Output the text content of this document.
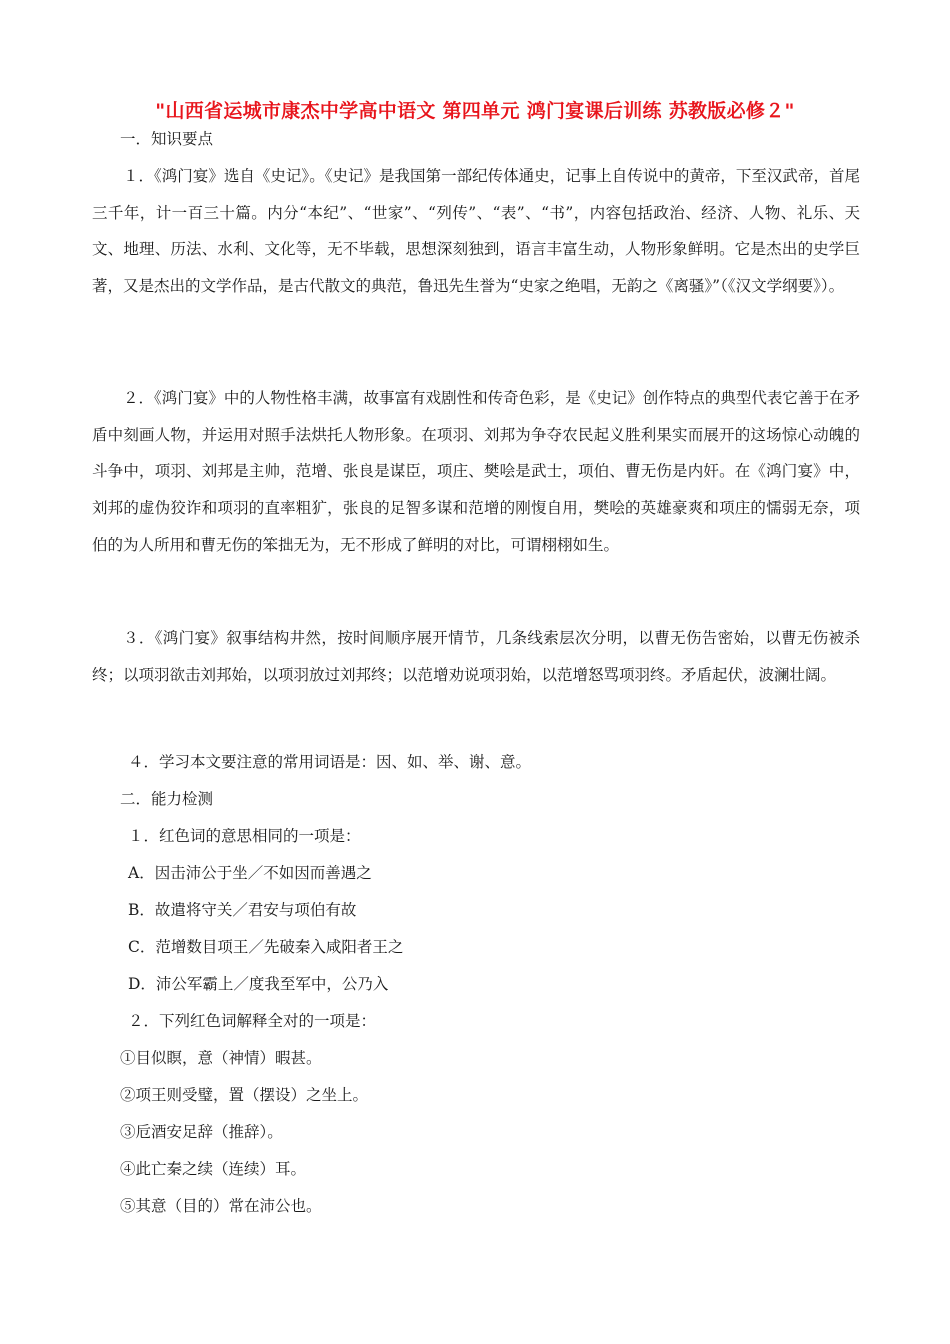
"山西省运城市康杰中学高中语文 第四单元 鸿门宴课后训练 苏教版必修２"
一．知识要点

１．《鸿门宴》选自《史记》。《史记》是我国第一部纪传体通史，记事上自传说中的黄帝，下至汉武帝，首尾三千年，计一百三十篇。内分“本纪”、“世家”、“列传”、“表”、“书”，内容包括政治、经济、人物、礼乐、天文、地理、历法、水利、文化等，无不毕载，思想深刻独到，语言丰富生动，人物形象鲜明。它是杰出的史学巨著，又是杰出的文学作品，是古代散文的典范，鲁迅先生誉为“史家之绝唱，无韵之《离骚》”（《汉文学纲要》）。

２．《鸿门宴》中的人物性格丰满，故事富有戏剧性和传奇色彩，是《史记》创作特点的典型代表它善于在矛盾中刻画人物，并运用对照手法烘托人物形象。在项羽、刘邦为争夺农民起义胜利果实而展开的这场惊心动魄的斗争中，项羽、刘邦是主帅，范增、张良是谋臣，项庄、樊哙是武士，项伯、曹无伤是内奸。在《鸿门宴》中，刘邦的虚伪狡诈和项羽的直率粗犷，张良的足智多谋和范增的刚愎自用，樊哙的英雄豪爽和项庄的懦弱无奈，项伯的为人所用和曹无伤的笨拙无为，无不形成了鲜明的对比，可谓栩栩如生。

３．《鸿门宴》叙事结构井然，按时间顺序展开情节，几条线索层次分明，以曹无伤告密始，以曹无伤被杀终；以项羽欲击刘邦始，以项羽放过刘邦终；以范增劝说项羽始，以范增怒骂项羽终。矛盾起伏，波澜壮阔。

４．学习本文要注意的常用词语是：因、如、举、谢、意。
二．能力检测
１．红色词的意思相同的一项是：
A．因击沛公于坐／不如因而善遇之
B．故遣将守关／君安与项伯有故
C．范增数目项王／先破秦入咸阳者王之
D．沛公军霸上／度我至军中，公乃入
２．下列红色词解释全对的一项是：
①目似瞑，意（神情）暇甚。
②项王则受璧，置（摆设）之坐上。
③卮酒安足辞（推辞）。
④此亡秦之续（连续）耳。
⑤其意（目的）常在沛公也。
